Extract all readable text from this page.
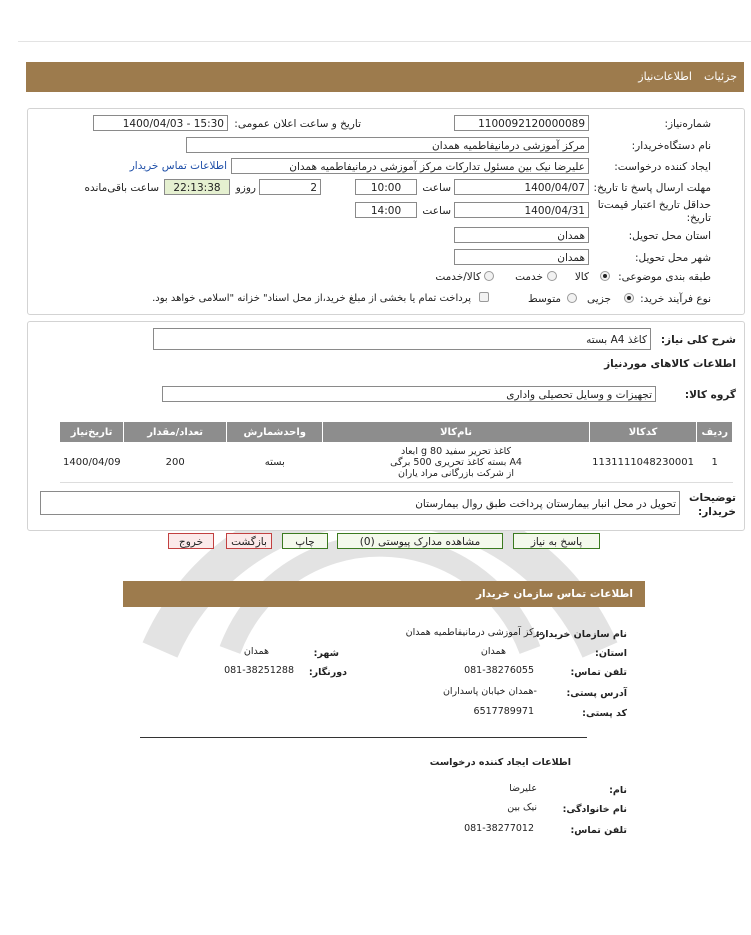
جزئیات
اطلاعات‌نیاز
شماره‌نیاز:
1100092120000089
تاریخ و ساعت اعلان عمومی:
1400/04/03 - 15:30
نام دستگاه‌خریدار:
مرکز آموزشی درمانیفاطمیه همدان
ایجاد کننده درخواست:
علیرضا نیک بین مسئول تدارکات مرکز آموزشی درمانیفاطمیه همدان
اطلاعات تماس خریدار
مهلت ارسال پاسخ تا تاریخ:
1400/04/07
ساعت
10:00
2
روزو
22:13:38
ساعت باقی‌مانده
حداقل تاریخ اعتبار قیمت‌تا
تاریخ:
1400/04/31
ساعت
14:00
استان محل تحویل:
همدان
شهر محل تحویل:
همدان
طبقه بندی موضوعی:
کالا
خدمت
کالا/خدمت
نوع فرآیند خرید:
جزیی
متوسط
پرداخت تمام یا بخشی از مبلغ خرید،از محل اسناد" خزانه "اسلامی خواهد بود.
شرح کلی نیاز:
کاغذ A4 بسته
اطلاعات کالاهای موردنیاز
گروه کالا:
تجهیزات و وسایل تحصیلی واداری
ردیف	کدکالا	نام‌کالا	واحدشمارش	تعداد/مقدار	تاریخ‌نیاز
1	1131111048230001	کاغذ تحریر سفید g 80 ابعاد
A4 بسته کاغذ تحریری 500 برگی
از شرکت بازرگانی مراد یاران	بسته	200	1400/04/09
توضیحات
خریدار:
تحویل در محل انبار بیمارستان پرداخت طبق روال بیمارستان
پاسخ به نیاز
مشاهده مدارک پیوستی (0)
چاپ
بازگشت
خروج
اطلاعات تماس سازمان خریدار
نام سازمان خریدار:
مرکز آموزشی درمانیفاطمیه همدان
استان:
همدان
شهر:
همدان
تلفن تماس:
081-38276055
دورنگار:
081-38251288
آدرس پستی:
-همدان خیابان پاسداران
کد پستی:
6517789971
اطلاعات ایجاد کننده درخواست
نام:
علیرضا
نام خانوادگی:
نیک بین
تلفن تماس:
081-38277012
